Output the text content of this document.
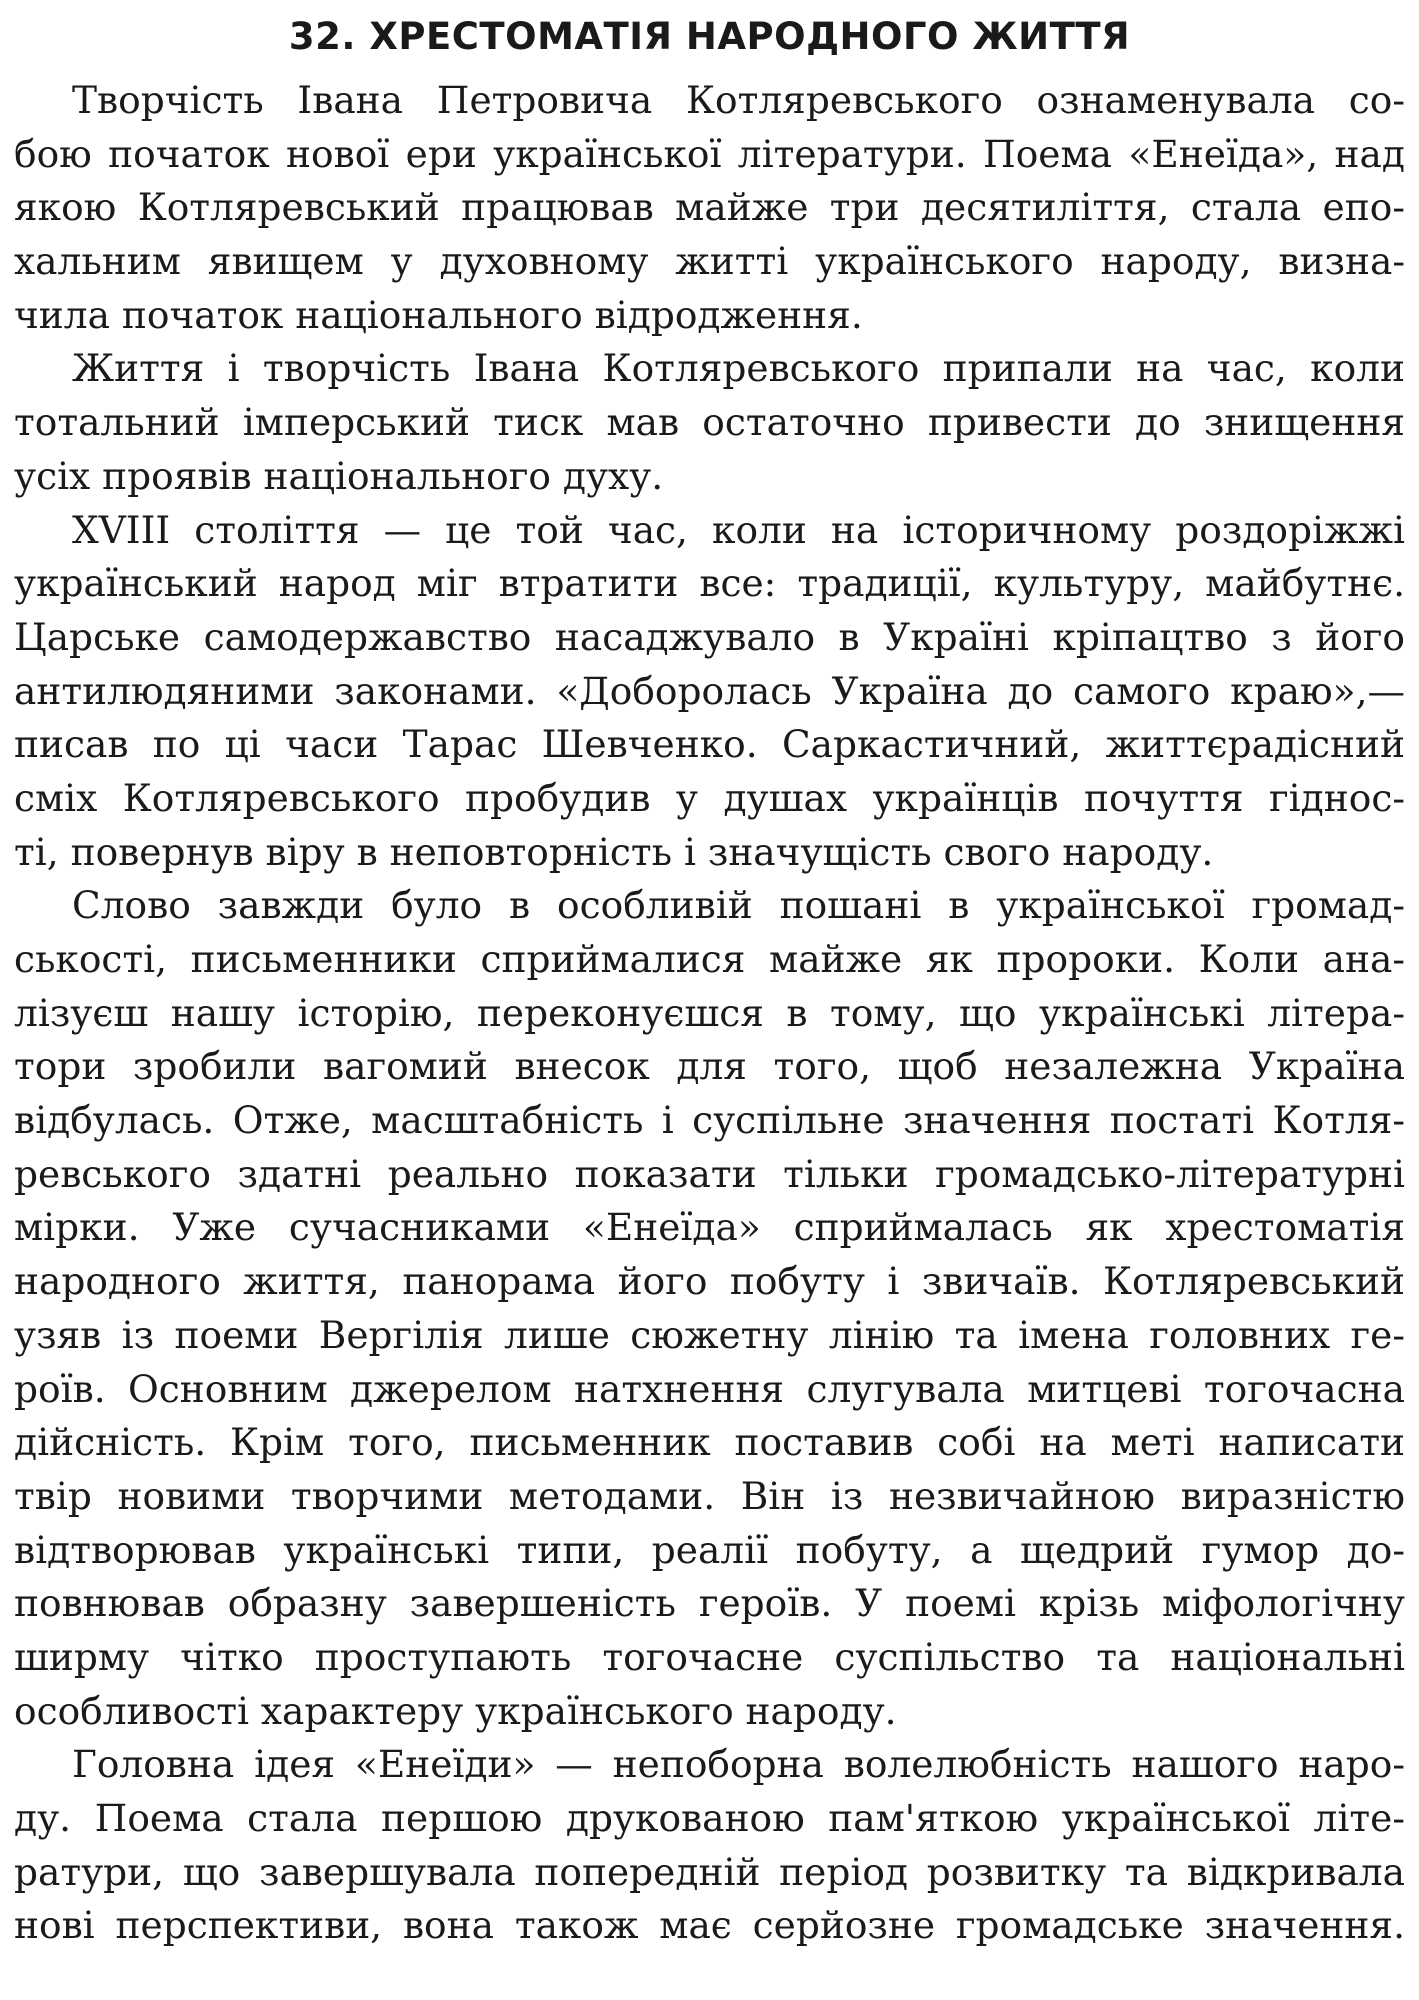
32. ХРЕСТОМАТІЯ НАРОДНОГО ЖИТТЯ
Творчість Івана Петровича Котляревського ознаменувала со-
бою початок нової ери української літератури. Поема «Енеїда», над
якою Котляревський працював майже три десятиліття, стала епо-
хальним явищем у духовному житті українського народу, визна-
чила початок національного відродження.
Життя і творчість Івана Котляревського припали на час, коли
тотальний імперський тиск мав остаточно привести до знищення
усіх проявів національного духу.
XVIII століття — це той час, коли на історичному роздоріжжі
український народ міг втратити все: традиції, культуру, майбутнє.
Царське самодержавство насаджувало в Україні кріпацтво з його
антилюдяними законами. «Доборолась Україна до самого краю»,—
писав по ці часи Тарас Шевченко. Саркастичний, життєрадісний
сміх Котляревського пробудив у душах українців почуття гіднос-
ті, повернув віру в неповторність і значущість свого народу.
Слово завжди було в особливій пошані в української громад-
ськості, письменники сприймалися майже як пророки. Коли ана-
лізуєш нашу історію, переконуєшся в тому, що українські літера-
тори зробили вагомий внесок для того, щоб незалежна Україна
відбулась. Отже, масштабність і суспільне значення постаті Котля-
ревського здатні реально показати тільки громадсько-літературні
мірки. Уже сучасниками «Енеїда» сприймалась як хрестоматія
народного життя, панорама його побуту і звичаїв. Котляревський
узяв із поеми Вергілія лише сюжетну лінію та імена головних ге-
роїв. Основним джерелом натхнення слугувала митцеві тогочасна
дійсність. Крім того, письменник поставив собі на меті написати
твір новими творчими методами. Він із незвичайною виразністю
відтворював українські типи, реалії побуту, а щедрий гумор до-
повнював образну завершеність героїв. У поемі крізь міфологічну
ширму чітко проступають тогочасне суспільство та національні
особливості характеру українського народу.
Головна ідея «Енеїди» — непоборна волелюбність нашого наро-
ду. Поема стала першою друкованою пам'яткою української літе-
ратури, що завершувала попередній період розвитку та відкривала
нові перспективи, вона також має серйозне громадське значення.
